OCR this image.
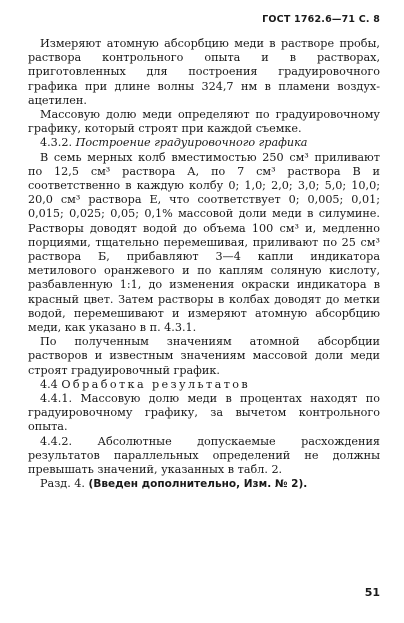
ГОСТ 1762.6—71 С. 8

Измеряют атомную абсорбцию меди в растворе пробы, раствора контрольного опыта и в растворах, приготовленных для построения градуировочного графика при длине волны 324,7 нм в пламени воздух-ацетилен.

Массовую долю меди определяют по градуировочному графику, который строят при каждой съемке.

4.3.2. Построение градуировочного графика

В семь мерных колб вместимостью 250 см³ приливают по 12,5 см³ раствора А, по 7 см³ раствора В и соответственно в каждую колбу 0; 1,0; 2,0; 3,0; 5,0; 10,0; 20,0 см³ раствора Е, что соответствует 0; 0,005; 0,01; 0,015; 0,025; 0,05; 0,1% массовой доли меди в силумине. Растворы доводят водой до объема 100 см³ и, медленно порциями, тщательно перемешивая, приливают по 25 см³ раствора Б, прибавляют 3—4 капли индикатора метилового оранжевого и по каплям соляную кислоту, разбавленную 1:1, до изменения окраски индикатора в красный цвет. Затем растворы в колбах доводят до метки водой, перемешивают и измеряют атомную абсорбцию меди, как указано в п. 4.3.1.

По полученным значениям атомной абсорбции растворов и известным значениям массовой доли меди строят градуировочный график.

4.4 Обработка результатов

4.4.1. Массовую долю меди в процентах находят по градуировочному графику, за вычетом контрольного опыта.

4.4.2. Абсолютные допускаемые расхождения результатов параллельных определений не должны превышать значений, указанных в табл. 2.

Разд. 4. (Введен дополнительно, Изм. № 2).

51
